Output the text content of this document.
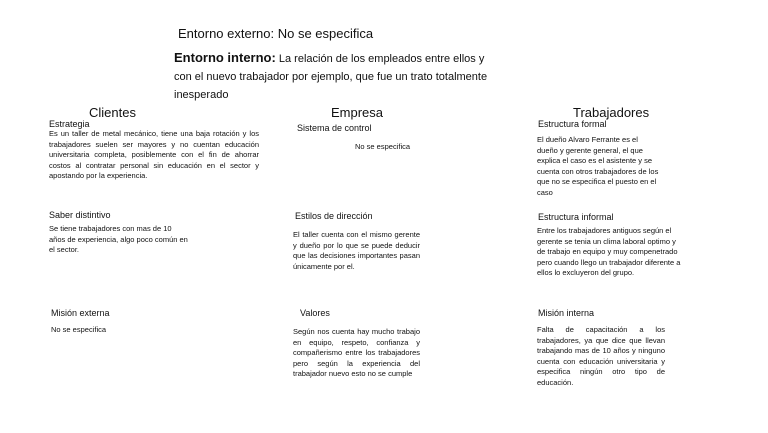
Entorno externo: No se especifica
Entorno interno: La relación de los empleados entre ellos y con el nuevo trabajador por ejemplo, que fue un trato totalmente inesperado
Clientes
Estrategia
Es un taller de metal mecánico, tiene una baja rotación y los trabajadores suelen ser mayores y no cuentan educación universitaria completa, posiblemente con el fin de ahorrar costos al contratar personal sin educación en el sector y apostando por la experiencia.
Saber distintivo
Se tiene trabajadores con mas de 10 años de experiencia, algo poco común en el sector.
Misión externa
No se especifica
Empresa
Sistema de control
No se especifica
Estilos de dirección
El taller cuenta con el mismo gerente y dueño por lo que se puede deducir que las decisiones importantes pasan únicamente por el.
Valores
Según nos cuenta hay mucho trabajo en equipo, respeto, confianza y compañerismo entre los trabajadores pero según la experiencia del trabajador nuevo esto no se cumple
Trabajadores
Estructura formal
El dueño Alvaro Ferrante es el dueño y gerente general, el que explica el caso es el asistente y se cuenta con otros trabajadores de los que no se especifica el puesto en el caso
Estructura informal
Entre los trabajadores antiguos según el gerente se tenia un clima laboral optimo y de trabajo en equipo y muy compenetrado pero cuando llego un trabajador diferente a ellos lo excluyeron del grupo.
Misión interna
Falta de capacitación a los trabajadores, ya que dice que llevan trabajando mas de 10 años y ninguno cuenta con educación universitaria y especifica ningún otro tipo de educación.
